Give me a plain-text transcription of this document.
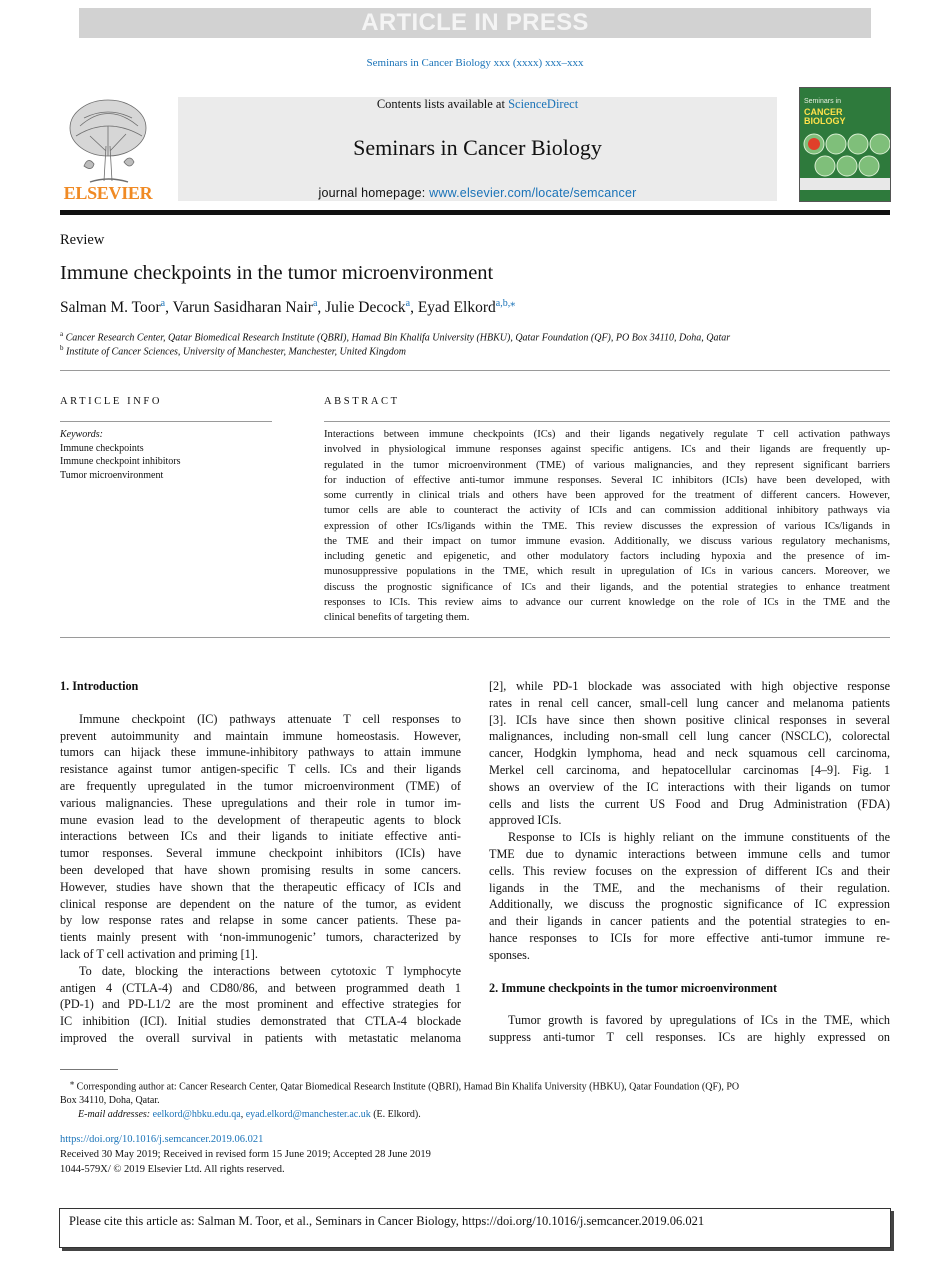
ARTICLE IN PRESS
Seminars in Cancer Biology xxx (xxxx) xxx–xxx
ELSEVIER
Contents lists available at ScienceDirect
Seminars in Cancer Biology
journal homepage: www.elsevier.com/locate/semcancer
Seminars in
CANCER
BIOLOGY
Review
Immune checkpoints in the tumor microenvironment
Salman M. Toor$^a$, Varun Sasidharan Nair$^a$, Julie Decock$^a$, Eyad Elkord$^{a,b,⁎}$
$^a$ Cancer Research Center, Qatar Biomedical Research Institute (QBRI), Hamad Bin Khalifa University (HBKU), Qatar Foundation (QF), PO Box 34110, Doha, Qatar
$^b$ Institute of Cancer Sciences, University of Manchester, Manchester, United Kingdom
ARTICLE INFO	ABSTRACT
Keywords:
Immune checkpoints
Immune checkpoint inhibitors
Tumor microenvironment
Interactions between immune checkpoints (ICs) and their ligands negatively regulate T cell activation pathways
involved in physiological immune responses against specific antigens. ICs and their ligands are frequently up-
regulated in the tumor microenvironment (TME) of various malignancies, and they represent significant barriers
for induction of effective anti-tumor immune responses. Several IC inhibitors (ICIs) have been developed, with
some currently in clinical trials and others have been approved for the treatment of different cancers. However,
tumor cells are able to counteract the activity of ICIs and can commission additional inhibitory pathways via
expression of other ICs/ligands within the TME. This review discusses the expression of various ICs/ligands in
the TME and their impact on tumor immune evasion. Additionally, we discuss various regulatory mechanisms,
including genetic and epigenetic, and other modulatory factors including hypoxia and the presence of im-
munosuppressive populations in the TME, which result in upregulation of ICs in various cancers. Moreover, we
discuss the prognostic significance of ICs and their ligands, and the potential strategies to enhance treatment
responses to ICIs. This review aims to advance our current knowledge on the role of ICs in the TME and the
clinical benefits of targeting them.
1. Introduction
Immune checkpoint (IC) pathways attenuate T cell responses to
prevent autoimmunity and maintain immune homeostasis. However,
tumors can hijack these immune-inhibitory pathways to attain immune
resistance against tumor antigen-specific T cells. ICs and their ligands
are frequently upregulated in the tumor microenvironment (TME) of
various malignancies. These upregulations and their role in tumor im-
mune evasion lead to the development of therapeutic agents to block
interactions between ICs and their ligands to initiate effective anti-
tumor responses. Several immune checkpoint inhibitors (ICIs) have
been developed that have shown promising results in some cancers.
However, studies have shown that the therapeutic efficacy of ICIs and
clinical response are dependent on the nature of the tumor, as evident
by low response rates and relapse in some cancer patients. These pa-
tients mainly present with ‘non-immunogenic’ tumors, characterized by
lack of T cell activation and priming [1].
To date, blocking the interactions between cytotoxic T lymphocyte
antigen 4 (CTLA-4) and CD80/86, and between programmed death 1
(PD-1) and PD-L1/2 are the most prominent and effective strategies for
IC inhibition (ICI). Initial studies demonstrated that CTLA-4 blockade
improved the overall survival in patients with metastatic melanoma
[2], while PD-1 blockade was associated with high objective response
rates in renal cell cancer, small-cell lung cancer and melanoma patients
[3]. ICIs have since then shown positive clinical responses in several
malignances, including non-small cell lung cancer (NSCLC), colorectal
cancer, Hodgkin lymphoma, head and neck squamous cell carcinoma,
Merkel cell carcinoma, and hepatocellular carcinomas [4–9]. Fig. 1
shows an overview of the IC interactions with their ligands on tumor
cells and lists the current US Food and Drug Administration (FDA)
approved ICIs.
Response to ICIs is highly reliant on the immune constituents of the
TME due to dynamic interactions between immune cells and tumor
cells. This review focuses on the expression of different ICs and their
ligands in the TME, and the mechanisms of their regulation.
Additionally, we discuss the prognostic significance of IC expression
and their ligands in cancer patients and the potential strategies to en-
hance responses to ICIs for more effective anti-tumor immune re-
sponses.
2. Immune checkpoints in the tumor microenvironment
Tumor growth is favored by upregulations of ICs in the TME, which
suppress anti-tumor T cell responses. ICs are highly expressed on
⁎ Corresponding author at: Cancer Research Center, Qatar Biomedical Research Institute (QBRI), Hamad Bin Khalifa University (HBKU), Qatar Foundation (QF), PO
Box 34110, Doha, Qatar.
E-mail addresses: eelkord@hbku.edu.qa, eyad.elkord@manchester.ac.uk (E. Elkord).
https://doi.org/10.1016/j.semcancer.2019.06.021
Received 30 May 2019; Received in revised form 15 June 2019; Accepted 28 June 2019
1044-579X/ © 2019 Elsevier Ltd. All rights reserved.
Please cite this article as: Salman M. Toor, et al., Seminars in Cancer Biology, https://doi.org/10.1016/j.semcancer.2019.06.021
